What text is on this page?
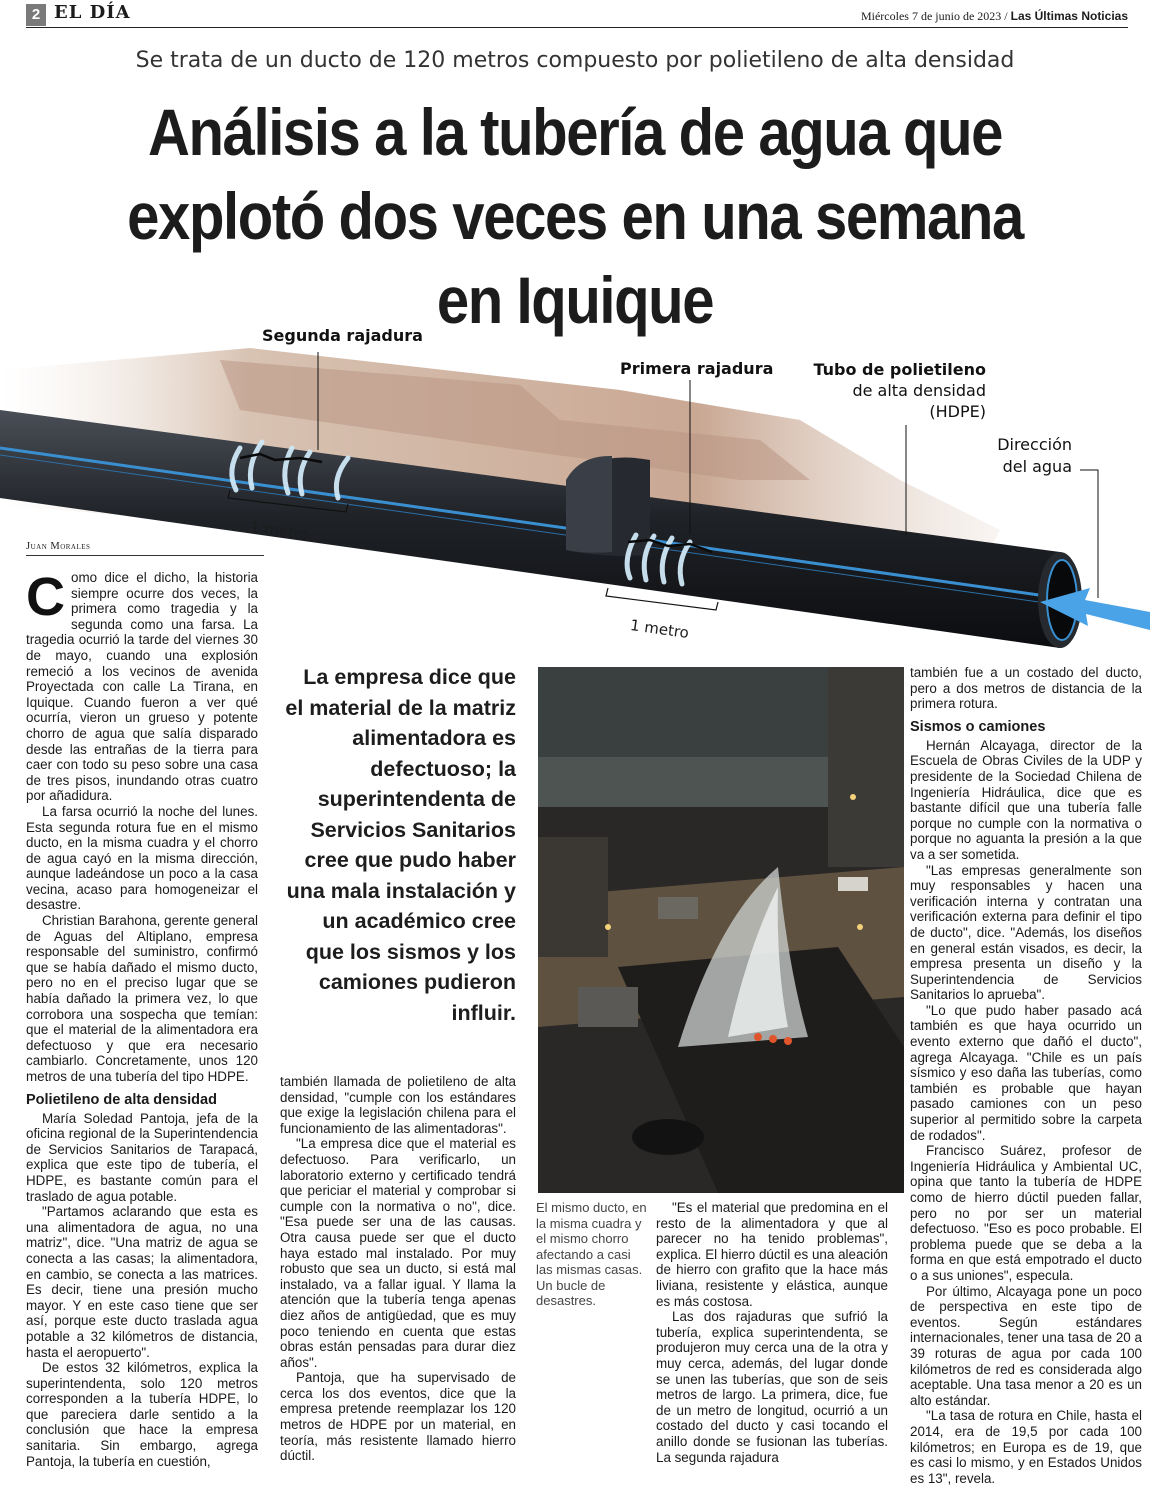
2 EL DÍA	Miércoles 7 de junio de 2023 / Las Últimas Noticias
Se trata de un ducto de 120 metros compuesto por polietileno de alta densidad
Análisis a la tubería de agua que
explotó dos veces en una semana
en Iquique
Segunda rajadura
Primera rajadura	Tubo de polietileno
de alta densidad
(HDPE)
Dirección
del agua
1 metro
1 metro
Juan Morales

Como dice el dicho, la historia siempre ocurre dos veces, la primera como tragedia y la segunda como una farsa. La tragedia ocurrió la tarde del viernes 30 de mayo, cuando una explosión remeció a los vecinos de avenida Proyectada con calle La Tirana, en Iquique. Cuando fueron a ver qué ocurría, vieron un grueso y potente chorro de agua que salía disparado desde las entrañas de la tierra para caer con todo su peso sobre una casa de tres pisos, inundando otras cuatro por añadidura.

La farsa ocurrió la noche del lunes. Esta segunda rotura fue en el mismo ducto, en la misma cuadra y el chorro de agua cayó en la misma dirección, aunque ladeándose un poco a la casa vecina, acaso para homogeneizar el desastre.

Christian Barahona, gerente general de Aguas del Altiplano, empresa responsable del suministro, confirmó que se había dañado el mismo ducto, pero no en el preciso lugar que se había dañado la primera vez, lo que corrobora una sospecha que temían: que el material de la alimentadora era defectuoso y que era necesario cambiarlo. Concretamente, unos 120 metros de una tubería del tipo HDPE.

Polietileno de alta densidad

María Soledad Pantoja, jefa de la oficina regional de la Superintendencia de Servicios Sanitarios de Tarapacá, explica que este tipo de tubería, el HDPE, es bastante común para el traslado de agua potable.

"Partamos aclarando que esta es una alimentadora de agua, no una matriz", dice. "Una matriz de agua se conecta a las casas; la alimentadora, en cambio, se conecta a las matrices. Es decir, tiene una presión mucho mayor. Y en este caso tiene que ser así, porque este ducto traslada agua potable a 32 kilómetros de distancia, hasta el aeropuerto".

De estos 32 kilómetros, explica la superintendenta, solo 120 metros corresponden a la tubería HDPE, lo que pareciera darle sentido a la conclusión que hace la empresa sanitaria. Sin embargo, agrega Pantoja, la tubería en cuestión,

La empresa dice que el material de la matriz alimentadora es defectuoso; la superintendenta de Servicios Sanitarios cree que pudo haber una mala instalación y un académico cree que los sismos y los camiones pudieron influir.

también llamada de polietileno de alta densidad, "cumple con los estándares que exige la legislación chilena para el funcionamiento de las alimentadoras".

"La empresa dice que el material es defectuoso. Para verificarlo, un laboratorio externo y certificado tendrá que periciar el material y comprobar si cumple con la normativa o no", dice. "Esa puede ser una de las causas. Otra causa puede ser que el ducto haya estado mal instalado. Por muy robusto que sea un ducto, si está mal instalado, va a fallar igual. Y llama la atención que la tubería tenga apenas diez años de antigüedad, que es muy poco teniendo en cuenta que estas obras están pensadas para durar diez años".

Pantoja, que ha supervisado de cerca los dos eventos, dice que la empresa pretende reemplazar los 120 metros de HDPE por un material, en teoría, más resistente llamado hierro dúctil.

El mismo ducto, en la misma cuadra y el mismo chorro afectando a casi las mismas casas. Un bucle de desastres.

"Es el material que predomina en el resto de la alimentadora y que al parecer no ha tenido problemas", explica. El hierro dúctil es una aleación de hierro con grafito que la hace más liviana, resistente y elástica, aunque es más costosa.

Las dos rajaduras que sufrió la tubería, explica superintendenta, se produjeron muy cerca una de la otra y muy cerca, además, del lugar donde se unen las tuberías, que son de seis metros de largo. La primera, dice, fue de un metro de longitud, ocurrió a un costado del ducto y casi tocando el anillo donde se fusionan las tuberías. La segunda rajadura

también fue a un costado del ducto, pero a dos metros de distancia de la primera rotura.

Sismos o camiones

Hernán Alcayaga, director de la Escuela de Obras Civiles de la UDP y presidente de la Sociedad Chilena de Ingeniería Hidráulica, dice que es bastante difícil que una tubería falle porque no cumple con la normativa o porque no aguanta la presión a la que va a ser sometida.

"Las empresas generalmente son muy responsables y hacen una verificación interna y contratan una verificación externa para definir el tipo de ducto", dice. "Además, los diseños en general están visados, es decir, la empresa presenta un diseño y la Superintendencia de Servicios Sanitarios lo aprueba".

"Lo que pudo haber pasado acá también es que haya ocurrido un evento externo que dañó el ducto", agrega Alcayaga. "Chile es un país sísmico y eso daña las tuberías, como también es probable que hayan pasado camiones con un peso superior al permitido sobre la carpeta de rodados".

Francisco Suárez, profesor de Ingeniería Hidráulica y Ambiental UC, opina que tanto la tubería de HDPE como de hierro dúctil pueden fallar, pero no por ser un material defectuoso. "Eso es poco probable. El problema puede que se deba a la forma en que está empotrado el ducto o a sus uniones", especula.

Por último, Alcayaga pone un poco de perspectiva en este tipo de eventos. Según estándares internacionales, tener una tasa de 20 a 39 roturas de agua por cada 100 kilómetros de red es considerada algo aceptable. Una tasa menor a 20 es un alto estándar.

"La tasa de rotura en Chile, hasta el 2014, era de 19,5 por cada 100 kilómetros; en Europa es de 19, que es casi lo mismo, y en Estados Unidos es 13", revela.
